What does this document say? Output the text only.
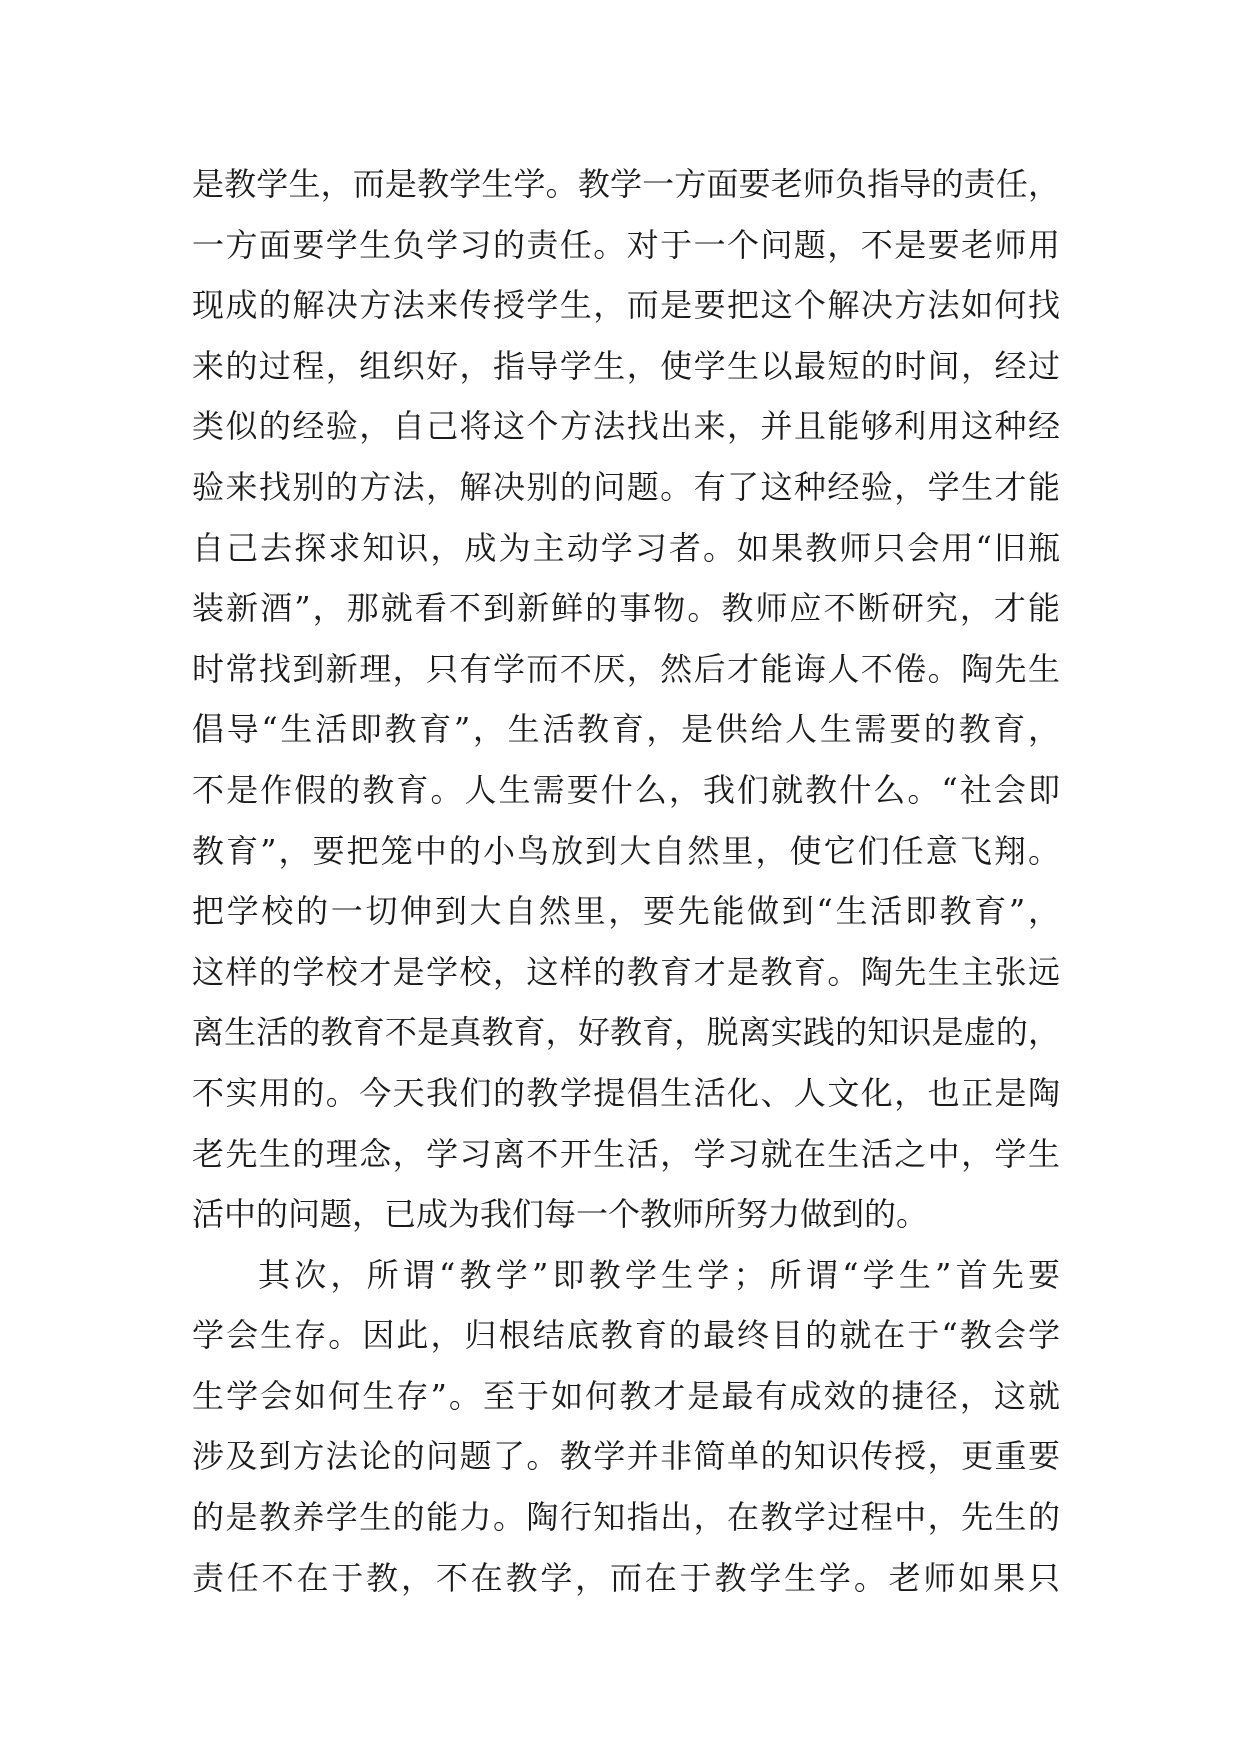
是教学生，而是教学生学。教学一方面要老师负指导的责任，
一方面要学生负学习的责任。对于一个问题，不是要老师用
现成的解决方法来传授学生，而是要把这个解决方法如何找
来的过程，组织好，指导学生，使学生以最短的时间，经过
类似的经验，自己将这个方法找出来，并且能够利用这种经
验来找别的方法，解决别的问题。有了这种经验，学生才能
自己去探求知识，成为主动学习者。如果教师只会用“旧瓶
装新酒”，那就看不到新鲜的事物。教师应不断研究，才能
时常找到新理，只有学而不厌，然后才能诲人不倦。陶先生
倡导“生活即教育”，生活教育，是供给人生需要的教育，
不是作假的教育。人生需要什么，我们就教什么。“社会即
教育”，要把笼中的小鸟放到大自然里，使它们任意飞翔。
把学校的一切伸到大自然里，要先能做到“生活即教育”，
这样的学校才是学校，这样的教育才是教育。陶先生主张远
离生活的教育不是真教育，好教育，脱离实践的知识是虚的，
不实用的。今天我们的教学提倡生活化、人文化，也正是陶
老先生的理念，学习离不开生活，学习就在生活之中，学生
活中的问题，已成为我们每一个教师所努力做到的。
其次，所谓“教学”即教学生学；所谓“学生”首先要
学会生存。因此，归根结底教育的最终目的就在于“教会学
生学会如何生存”。至于如何教才是最有成效的捷径，这就
涉及到方法论的问题了。教学并非简单的知识传授，更重要
的是教养学生的能力。陶行知指出，在教学过程中，先生的
责任不在于教，不在教学，而在于教学生学。老师如果只
